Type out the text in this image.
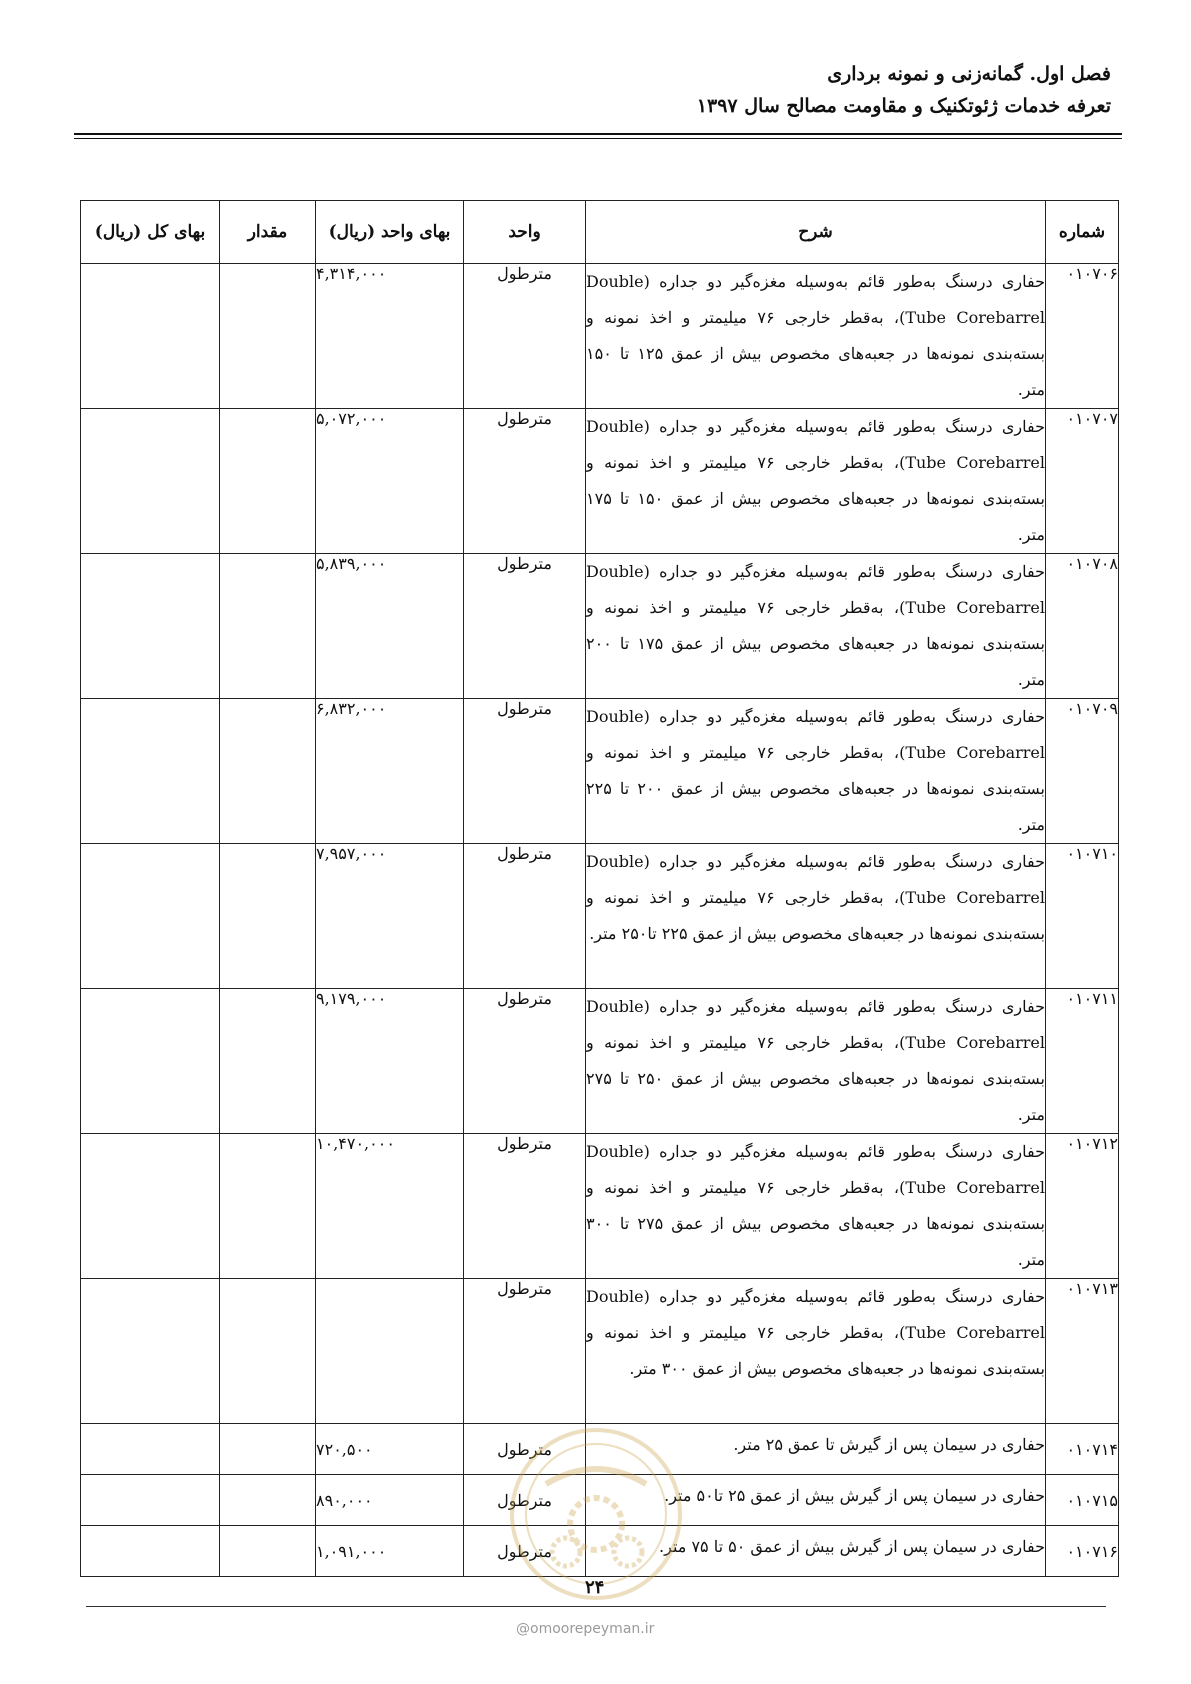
فصل اول. گمانه‌زنی و نمونه برداری
تعرفه خدمات ژئوتکنیک و مقاومت مصالح سال ۱۳۹۷
شماره	شرح	واحد	بهای واحد (ریال)	مقدار	بهای کل (ریال)
۰۱۰۷۰۶	حفاری درسنگ به‌طور قائم به‌وسیله مغزه‌گیر دو جداره (Double Tube Corebarrel)، به‌قطر خارجی ۷۶ میلیمتر و اخذ نمونه و بسته‌بندی نمونه‌ها در جعبه‌های مخصوص بیش از عمق ۱۲۵ تا ۱۵۰ متر.	مترطول	۴,۳۱۴,۰۰۰		
۰۱۰۷۰۷	حفاری درسنگ به‌طور قائم به‌وسیله مغزه‌گیر دو جداره (Double Tube Corebarrel)، به‌قطر خارجی ۷۶ میلیمتر و اخذ نمونه و بسته‌بندی نمونه‌ها در جعبه‌های مخصوص بیش از عمق ۱۵۰ تا ۱۷۵ متر.	مترطول	۵,۰۷۲,۰۰۰		
۰۱۰۷۰۸	حفاری درسنگ به‌طور قائم به‌وسیله مغزه‌گیر دو جداره (Double Tube Corebarrel)، به‌قطر خارجی ۷۶ میلیمتر و اخذ نمونه و بسته‌بندی نمونه‌ها در جعبه‌های مخصوص بیش از عمق ۱۷۵ تا ۲۰۰ متر.	مترطول	۵,۸۳۹,۰۰۰		
۰۱۰۷۰۹	حفاری درسنگ به‌طور قائم به‌وسیله مغزه‌گیر دو جداره (Double Tube Corebarrel)، به‌قطر خارجی ۷۶ میلیمتر و اخذ نمونه و بسته‌بندی نمونه‌ها در جعبه‌های مخصوص بیش از عمق ۲۰۰ تا ۲۲۵ متر.	مترطول	۶,۸۳۲,۰۰۰		
۰۱۰۷۱۰	حفاری درسنگ به‌طور قائم به‌وسیله مغزه‌گیر دو جداره (Double Tube Corebarrel)، به‌قطر خارجی ۷۶ میلیمتر و اخذ نمونه و بسته‌بندی نمونه‌ها در جعبه‌های مخصوص بیش از عمق ۲۲۵ تا۲۵۰ متر.	مترطول	۷,۹۵۷,۰۰۰		
۰۱۰۷۱۱	حفاری درسنگ به‌طور قائم به‌وسیله مغزه‌گیر دو جداره (Double Tube Corebarrel)، به‌قطر خارجی ۷۶ میلیمتر و اخذ نمونه و بسته‌بندی نمونه‌ها در جعبه‌های مخصوص بیش از عمق ۲۵۰ تا ۲۷۵ متر.	مترطول	۹,۱۷۹,۰۰۰		
۰۱۰۷۱۲	حفاری درسنگ به‌طور قائم به‌وسیله مغزه‌گیر دو جداره (Double Tube Corebarrel)، به‌قطر خارجی ۷۶ میلیمتر و اخذ نمونه و بسته‌بندی نمونه‌ها در جعبه‌های مخصوص بیش از عمق ۲۷۵ تا ۳۰۰ متر.	مترطول	۱۰,۴۷۰,۰۰۰		
۰۱۰۷۱۳	حفاری درسنگ به‌طور قائم به‌وسیله مغزه‌گیر دو جداره (Double Tube Corebarrel)، به‌قطر خارجی ۷۶ میلیمتر و اخذ نمونه و بسته‌بندی نمونه‌ها در جعبه‌های مخصوص بیش از عمق ۳۰۰ متر.	مترطول			
۰۱۰۷۱۴	حفاری در سیمان پس از گیرش تا عمق ۲۵ متر.	مترطول	۷۲۰,۵۰۰		
۰۱۰۷۱۵	حفاری در سیمان پس از گیرش بیش از عمق ۲۵ تا۵۰ متر.	مترطول	۸۹۰,۰۰۰		
۰۱۰۷۱۶	حفاری در سیمان پس از گیرش بیش از عمق ۵۰ تا ۷۵ متر.	مترطول	۱,۰۹۱,۰۰۰		
۲۴
@omoorepeyman.ir
